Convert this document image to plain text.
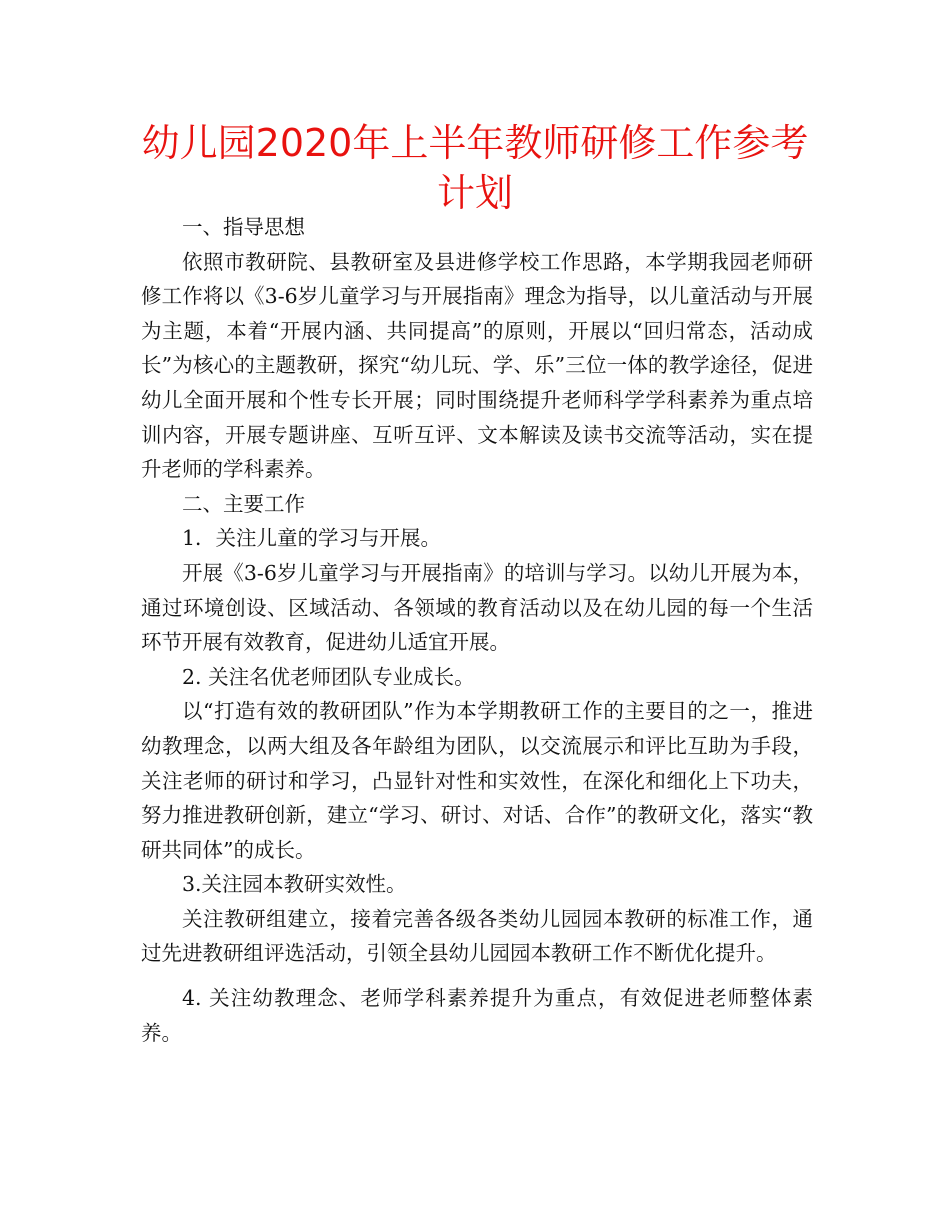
幼儿园2020年上半年教师研修工作参考计划

一、指导思想

依照市教研院、县教研室及县进修学校工作思路，本学期我园老师研修工作将以《3-6岁儿童学习与开展指南》理念为指导，以儿童活动与开展为主题，本着“开展内涵、共同提高”的原则，开展以“回归常态，活动成长”为核心的主题教研，探究“幼儿玩、学、乐”三位一体的教学途径，促进幼儿全面开展和个性专长开展；同时围绕提升老师科学学科素养为重点培训内容，开展专题讲座、互听互评、文本解读及读书交流等活动，实在提升老师的学科素养。

二、主要工作

1．关注儿童的学习与开展。

开展《3-6岁儿童学习与开展指南》的培训与学习。以幼儿开展为本，通过环境创设、区域活动、各领域的教育活动以及在幼儿园的每一个生活环节开展有效教育，促进幼儿适宜开展。

2. 关注名优老师团队专业成长。

以“打造有效的教研团队”作为本学期教研工作的主要目的之一，推进幼教理念，以两大组及各年龄组为团队，以交流展示和评比互助为手段，关注老师的研讨和学习，凸显针对性和实效性，在深化和细化上下功夫，努力推进教研创新，建立“学习、研讨、对话、合作”的教研文化，落实“教研共同体”的成长。

3.关注园本教研实效性。

关注教研组建立，接着完善各级各类幼儿园园本教研的标准工作，通过先进教研组评选活动，引领全县幼儿园园本教研工作不断优化提升。

4. 关注幼教理念、老师学科素养提升为重点，有效促进老师整体素养。
